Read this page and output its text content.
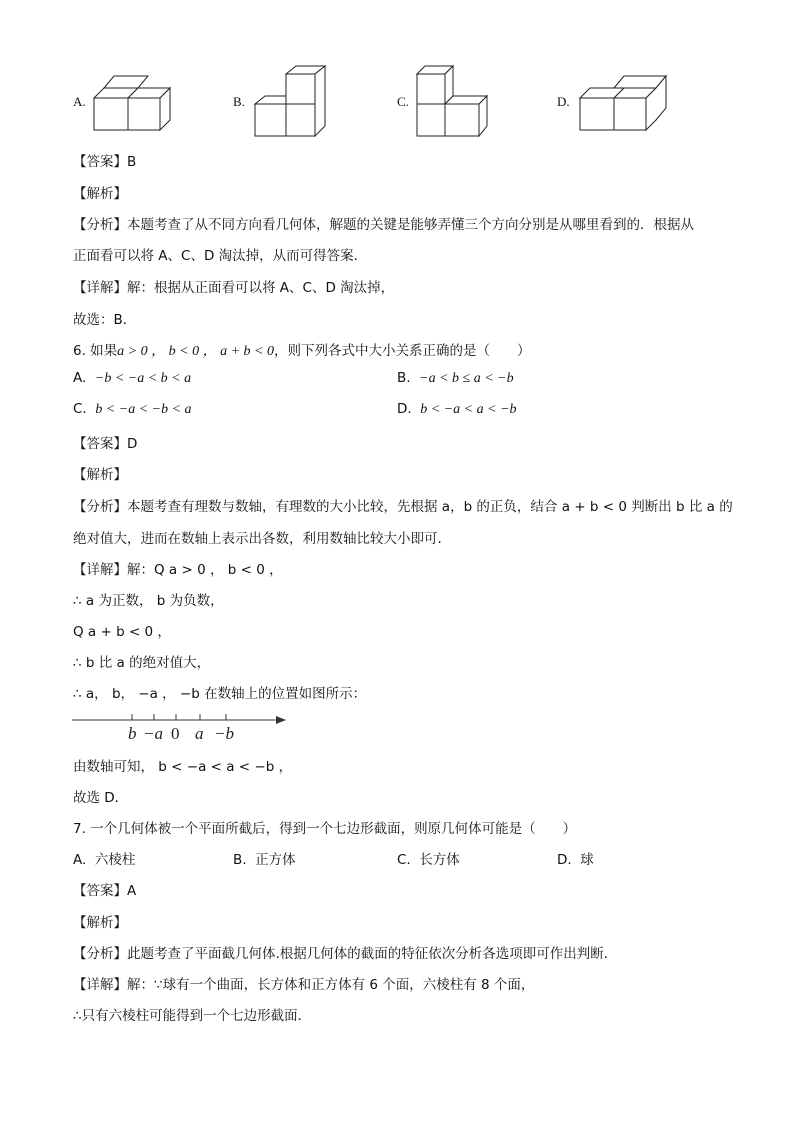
A.	B.	C.	D.
【答案】B
【解析】
【分析】本题考查了从不同方向看几何体，解题的关键是能够弄懂三个方向分别是从哪里看到的．根据从
正面看可以将 A、C、D 淘汰掉，从而可得答案．
【详解】解：根据从正面看可以将 A、C、D 淘汰掉，
故选：B．
6. 如果a > 0 ， b < 0 ， a + b < 0，则下列各式中大小关系正确的是（　　）
A. −b < −a < b < a	B. −a < b ≤ a < −b
C. b < −a < −b < a	D. b < −a < a < −b
【答案】D
【解析】
【分析】本题考查有理数与数轴，有理数的大小比较，先根据 a，b 的正负，结合 a + b < 0 判断出 b 比 a 的
绝对值大，进而在数轴上表示出各数，利用数轴比较大小即可．
【详解】解：Q a > 0 ， b < 0 ，
∴ a 为正数， b 为负数，
Q a + b < 0 ，
∴ b 比 a 的绝对值大，
∴ a， b， −a ， −b 在数轴上的位置如图所示：
b −a 0 a −b
由数轴可知， b < −a < a < −b ，
故选 D．
7. 一个几何体被一个平面所截后，得到一个七边形截面，则原几何体可能是（　　）
A. 六棱柱	B. 正方体	C. 长方体	D. 球
【答案】A
【解析】
【分析】此题考查了平面截几何体.根据几何体的截面的特征依次分析各选项即可作出判断．
【详解】解：∵球有一个曲面，长方体和正方体有 6 个面，六棱柱有 8 个面，
∴只有六棱柱可能得到一个七边形截面．
